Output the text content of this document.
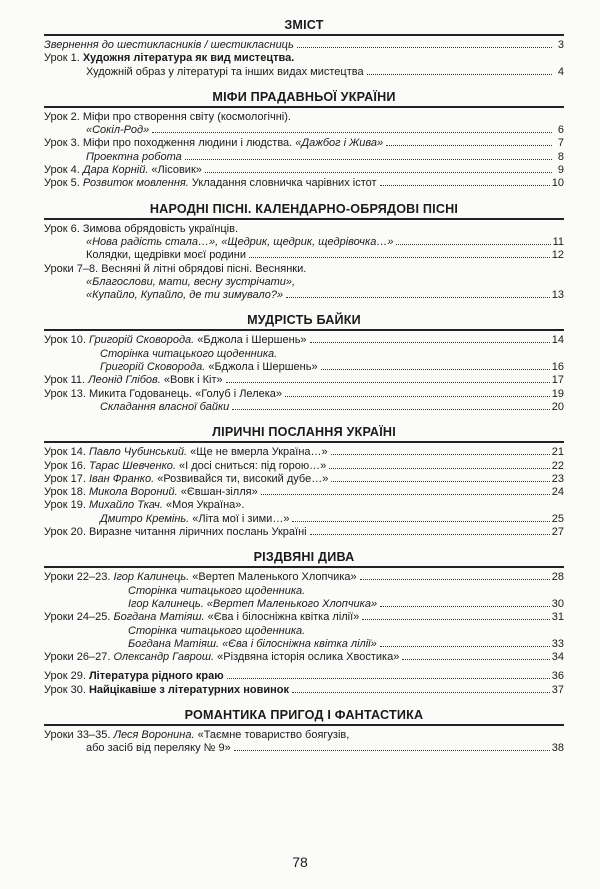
ЗМІСТ
Звернення до шестикласників / шестикласниць	3
Урок 1. Художня література як вид мистецтва.
Художній образ у літературі та інших видах мистецтва	4
МІФИ ПРАДАВНЬОЇ УКРАЇНИ
Урок 2. Міфи про створення світу (космологічні).
«Сокіл-Род»	6
Урок 3. Міфи про походження людини і людства. «Дажбог і Жива»	7
Проектна робота	8
Урок 4. Дара Корній. «Лісовик»	9
Урок 5. Розвиток мовлення. Укладання словничка чарівних істот	10
НАРОДНІ ПІСНІ. КАЛЕНДАРНО-ОБРЯДОВІ ПІСНІ
Урок 6. Зимова обрядовість українців.
«Нова радість стала…», «Щедрик, щедрик, щедрівочка…»	11
Колядки, щедрівки моєї родини	12
Уроки 7–8. Весняні й літні обрядові пісні. Веснянки.
«Благослови, мати, весну зустрічати»,
«Купайло, Купайло, де ти зимувало?»	13
МУДРІСТЬ БАЙКИ
Урок 10. Григорій Сковорода. «Бджола і Шершень»	14
Сторінка читацького щоденника.
Григорій Сковорода. «Бджола і Шершень»	16
Урок 11. Леонід Глібов. «Вовк і Кіт»	17
Урок 13. Микита Годованець. «Голуб і Лелека»	19
Складання власної байки	20
ЛІРИЧНІ ПОСЛАННЯ УКРАЇНІ
Урок 14. Павло Чубинський. «Ще не вмерла Україна…»	21
Урок 16. Тарас Шевченко. «І досі сниться: під горою…»	22
Урок 17. Іван Франко. «Розвивайся ти, високий дубе…»	23
Урок 18. Микола Вороний. «Євшан-зілля»	24
Урок 19. Михайло Ткач. «Моя Україна».
Дмитро Кремінь. «Літа мої і зими…»	25
Урок 20. Виразне читання ліричних послань Україні	27
РІЗДВЯНІ ДИВА
Уроки 22–23. Ігор Калинець. «Вертеп Маленького Хлопчика»	28
Сторінка читацького щоденника.
Ігор Калинець. «Вертеп Маленького Хлопчика»	30
Уроки 24–25. Богдана Матіяш. «Єва і білосніжна квітка лілії»	31
Сторінка читацького щоденника.
Богдана Матіяш. «Єва і білосніжна квітка лілії»	33
Уроки 26–27. Олександр Гаврош. «Різдвяна історія ослика Хвостика»	34
Урок 29. Література рідного краю	36
Урок 30. Найцікавіше з літературних новинок	37
РОМАНТИКА ПРИГОД І ФАНТАСТИКА
Уроки 33–35. Леся Воронина. «Таємне товариство боягузів,
або засіб від переляку № 9»	38
78
